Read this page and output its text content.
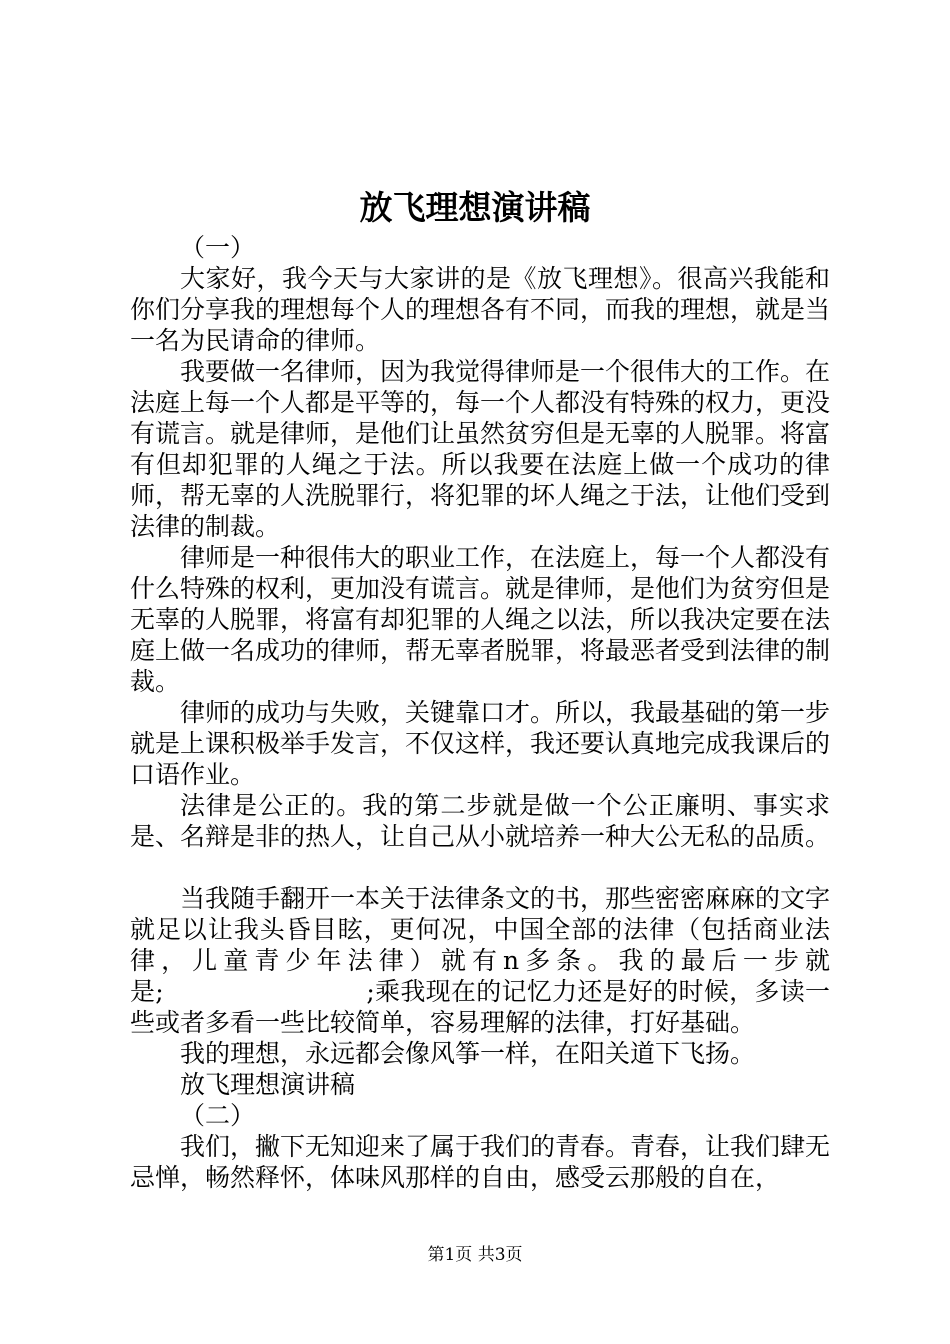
放飞理想演讲稿

（一）

大家好，我今天与大家讲的是《放飞理想》。很高兴我能和你们分享我的理想每个人的理想各有不同，而我的理想，就是当一名为民请命的律师。

我要做一名律师，因为我觉得律师是一个很伟大的工作。在法庭上每一个人都是平等的，每一个人都没有特殊的权力，更没有谎言。就是律师，是他们让虽然贫穷但是无辜的人脱罪。将富有但却犯罪的人绳之于法。所以我要在法庭上做一个成功的律师，帮无辜的人洗脱罪行，将犯罪的坏人绳之于法，让他们受到法律的制裁。

律师是一种很伟大的职业工作，在法庭上，每一个人都没有什么特殊的权利，更加没有谎言。就是律师，是他们为贫穷但是无辜的人脱罪，将富有却犯罪的人绳之以法，所以我决定要在法庭上做一名成功的律师，帮无辜者脱罪，将最恶者受到法律的制裁。

律师的成功与失败，关键靠口才。所以，我最基础的第一步就是上课积极举手发言，不仅这样，我还要认真地完成我课后的口语作业。

法律是公正的。我的第二步就是做一个公正廉明、事实求是、名辩是非的热人，让自己从小就培养一种大公无私的品质。

当我随手翻开一本关于法律条文的书，那些密密麻麻的文字就足以让我头昏目眩，更何况，中国全部的法律（包括商业法律，儿童青少年法律）就有n多条。我的最后一步就是;　　　　　　　　;乘我现在的记忆力还是好的时候，多读一些或者多看一些比较简单，容易理解的法律，打好基础。

我的理想，永远都会像风筝一样，在阳关道下飞扬。

放飞理想演讲稿

（二）

我们，撇下无知迎来了属于我们的青春。青春，让我们肆无忌惮，畅然释怀，体味风那样的自由，感受云那般的自在，

第1页 共3页
